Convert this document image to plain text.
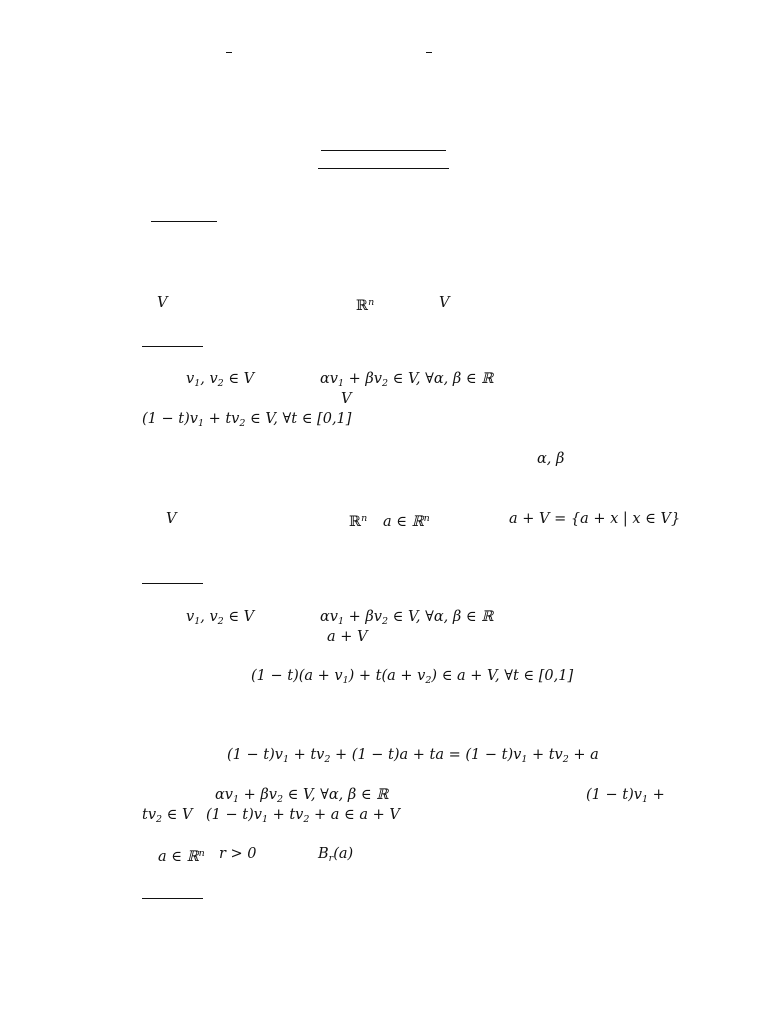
V	ℝ$^n$	V
$v_1$, $v_2$ ∈ V	$\alpha v_1 + \beta v_2$ ∈ V, ∀α, β ∈ ℝ
V
$(1 - t)v_1 + tv_2$ ∈ V, ∀t ∈ [0,1]
α, β
V	ℝ$^n$ a ∈ ℝ$^n$	a + V = {a + x | x ∈ V}
$v_1$, $v_2$ ∈ V	$\alpha v_1 + \beta v_2$ ∈ V, ∀α, β ∈ ℝ
a + V
$(1 - t)(a + v_1) + t(a + v_2)$ ∈ a + V, ∀t ∈ [0,1]
$(1 - t)v_1 + tv_2 + (1 - t)a$ + ta = $(1 - t)v_1 + tv_2 + a$
$\alpha v_1 + \beta v_2$ ∈ V, ∀α, β ∈ ℝ	$(1 - t)v_1$ +
$tv_2$ ∈ V $(1 - t)v_1 + tv_2 + a$ ∈ a + V
a ∈ ℝ$^n$ r > 0	$B_r(a)$
